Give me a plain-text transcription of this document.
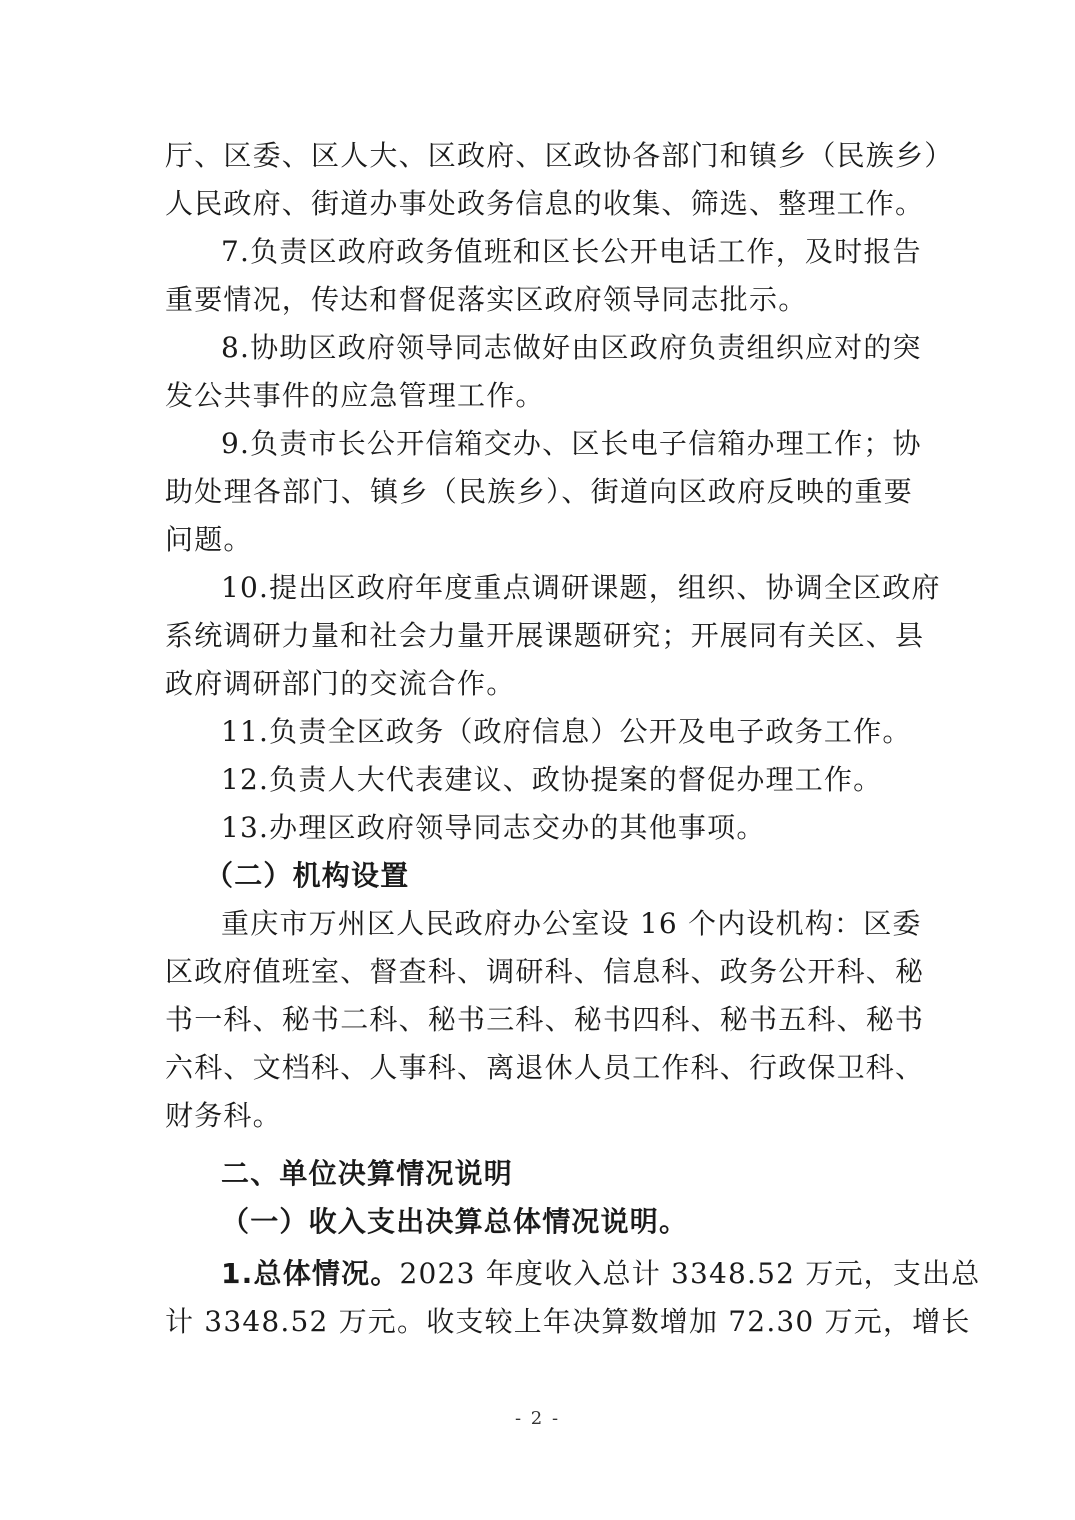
厅、区委、区人大、区政府、区政协各部门和镇乡（民族乡）
人民政府、街道办事处政务信息的收集、筛选、整理工作。
7.负责区政府政务值班和区长公开电话工作，及时报告
重要情况，传达和督促落实区政府领导同志批示。
8.协助区政府领导同志做好由区政府负责组织应对的突
发公共事件的应急管理工作。
9.负责市长公开信箱交办、区长电子信箱办理工作；协
助处理各部门、镇乡（民族乡）、街道向区政府反映的重要
问题。
10.提出区政府年度重点调研课题，组织、协调全区政府
系统调研力量和社会力量开展课题研究；开展同有关区、县
政府调研部门的交流合作。
11.负责全区政务（政府信息）公开及电子政务工作。
12.负责人大代表建议、政协提案的督促办理工作。
13.办理区政府领导同志交办的其他事项。
（二）机构设置
重庆市万州区人民政府办公室设 16 个内设机构：区委
区政府值班室、督查科、调研科、信息科、政务公开科、秘
书一科、秘书二科、秘书三科、秘书四科、秘书五科、秘书
六科、文档科、人事科、离退休人员工作科、行政保卫科、
财务科。
二、单位决算情况说明
（一）收入支出决算总体情况说明。
1.总体情况。2023 年度收入总计 3348.52 万元，支出总
计 3348.52 万元。收支较上年决算数增加 72.30 万元，增长
- 2 -
